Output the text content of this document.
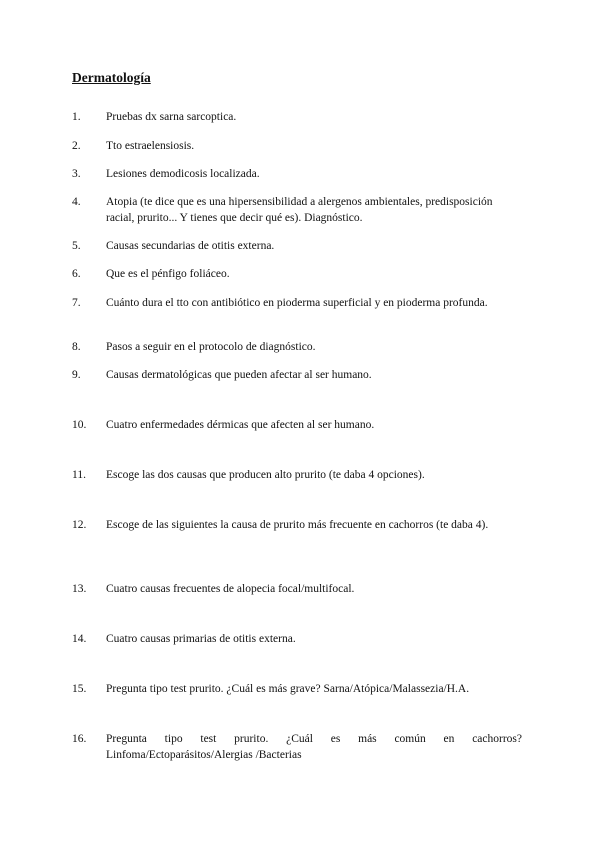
Dermatología
1.	Pruebas dx sarna sarcoptica.
2.	Tto estraelensiosis.
3.	Lesiones demodicosis localizada.
4.	Atopia (te dice que es una hipersensibilidad a alergenos ambientales, predisposición racial, prurito... Y tienes que decir qué es). Diagnóstico.
5.	Causas secundarias de otitis externa.
6.	Que es el pénfigo foliáceo.
7.	Cuánto dura el tto con antibiótico en pioderma superficial y en pioderma profunda.
8.	Pasos a seguir en el protocolo de diagnóstico.
9.	Causas dermatológicas que pueden afectar al ser humano.
10.	Cuatro enfermedades dérmicas que afecten al ser humano.
11.	Escoge las dos causas que producen alto prurito (te daba 4 opciones).
12.	Escoge de las siguientes la causa de prurito más frecuente en cachorros (te daba 4).
13.	Cuatro causas frecuentes de alopecia focal/multifocal.
14.	Cuatro causas primarias de otitis externa.
15.	Pregunta tipo test prurito. ¿Cuál es más grave? Sarna/Atópica/Malassezia/H.A.
16.	Pregunta tipo test prurito. ¿Cuál es más común en cachorros? Linfoma/Ectoparásitos/Alergias /Bacterias
